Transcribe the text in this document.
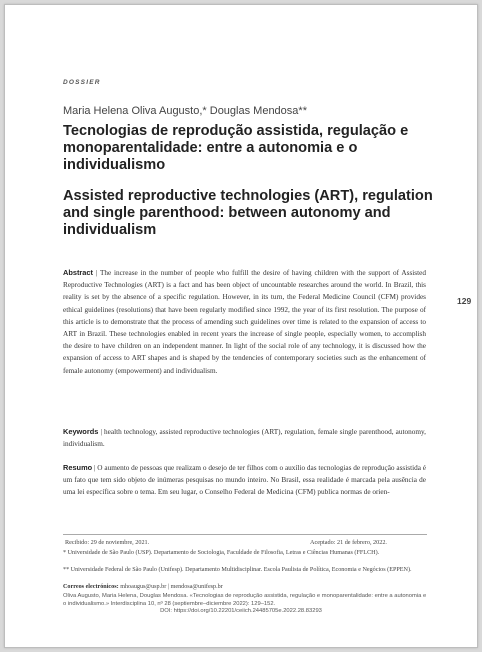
DOSSIER
Maria Helena Oliva Augusto,* Douglas Mendosa**
Tecnologias de reprodução assistida, regulação e monoparentalidade: entre a autonomia e o individualismo
Assisted reproductive technologies (ART), regulation and single parenthood: between autonomy and individualism
129
Abstract | The increase in the number of people who fulfill the desire of having children with the support of Assisted Reproductive Technologies (ART) is a fact and has been object of uncountable researches around the world. In Brazil, this reality is set by the absence of a specific regulation. However, in its turn, the Federal Medicine Council (CFM) provides ethical guidelines (resolutions) that have been regularly modified since 1992, the year of its first resolution. The purpose of this article is to demonstrate that the process of amending such guidelines over time is related to the expansion of access to ART in Brazil. These technologies enabled in recent years the increase of single people, especially women, to accomplish the desire to have children on an independent manner. In light of the social role of any technology, it is discussed how the expansion of access to ART shapes and is shaped by the tendencies of contemporary societies such as the enhancement of female autonomy (empowerment) and individualism.
Keywords | health technology, assisted reproductive technologies (ART), regulation, female single parenthood, autonomy, individualism.
Resumo | O aumento de pessoas que realizam o desejo de ter filhos com o auxílio das tecnologias de reprodução assistida é um fato que tem sido objeto de inúmeras pesquisas no mundo inteiro. No Brasil, essa realidade é marcada pela ausência de uma lei específica sobre o tema. Em seu lugar, o Conselho Federal de Medicina (CFM) publica normas de orien-
Recibido: 29 de noviembre, 2021.	Aceptado: 21 de febrero, 2022.
* Universidade de São Paulo (USP). Departamento de Sociologia, Faculdade de Filosofia, Letras e Ciências Humanas (FFLCH).
** Universidade Federal de São Paulo (Unifesp). Departamento Multidisciplinar. Escola Paulista de Política, Economia e Negócios (EPPEN).
Correos electrónicos: mhoaugus@usp.br | mendosa@unifesp.br
Oliva Augusto, Maria Helena, Douglas Mendosa. «Tecnologias de reprodução assistida, regulação e monoparentalidade: entre a autonomia e o individualismo.» Interdisciplina 10, nº 28 (septiembre–diciembre 2022): 129–152.
DOI: https://doi.org/10.22201/ceiich.24485705e.2022.28.83293
